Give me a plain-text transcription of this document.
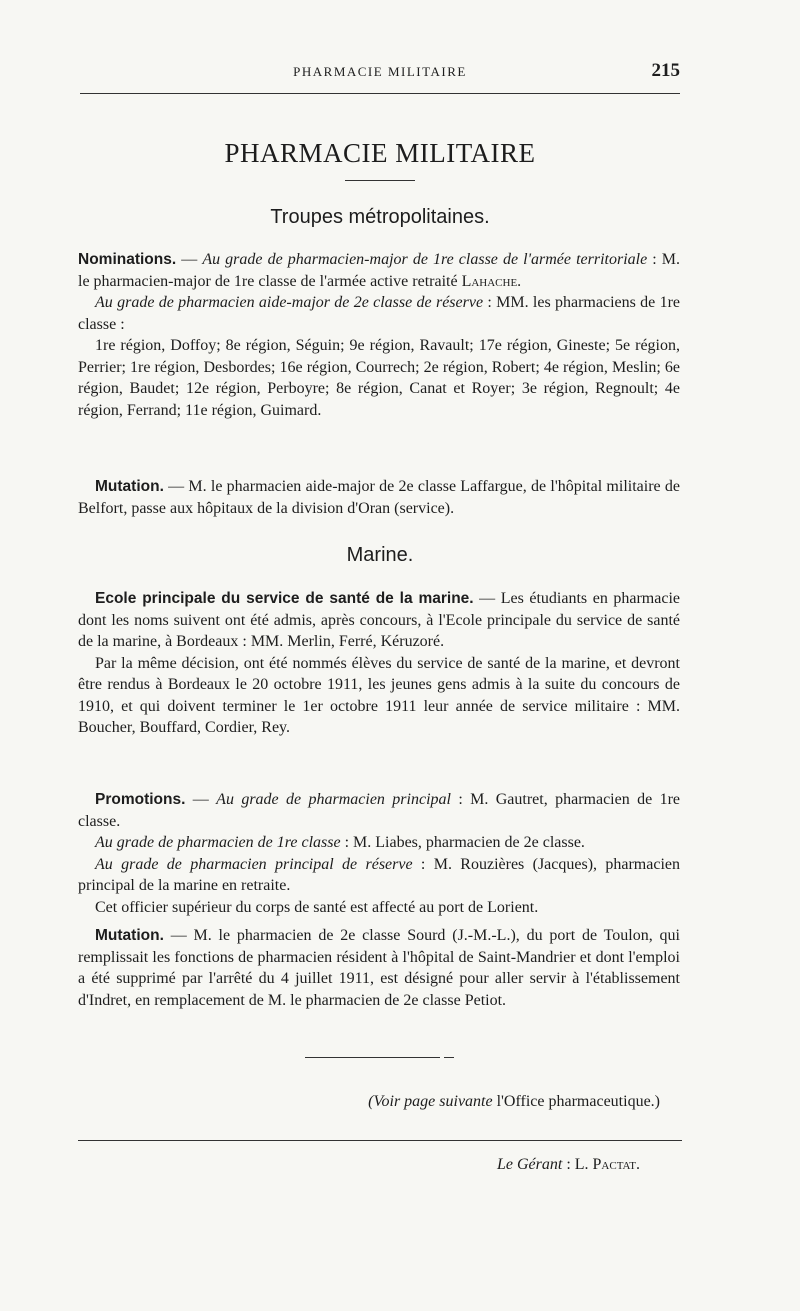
PHARMACIE MILITAIRE	215
PHARMACIE MILITAIRE
Troupes métropolitaines.

Nominations. — Au grade de pharmacien-major de 1re classe de l'armée territoriale : M. le pharmacien-major de 1re classe de l'armée active retraité Lahache.

Au grade de pharmacien aide-major de 2e classe de réserve : MM. les pharmaciens de 1re classe :

1re région, Doffoy; 8e région, Séguin; 9e région, Ravault; 17e région, Gineste; 5e région, Perrier; 1re région, Desbordes; 16e région, Courrech; 2e région, Robert; 4e région, Meslin; 6e région, Baudet; 12e région, Perboyre; 8e région, Canat et Royer; 3e région, Regnoult; 4e région, Ferrand; 11e région, Guimard.

Mutation. — M. le pharmacien aide-major de 2e classe Laffargue, de l'hôpital militaire de Belfort, passe aux hôpitaux de la division d'Oran (service).

Marine.

Ecole principale du service de santé de la marine. — Les étudiants en pharmacie dont les noms suivent ont été admis, après concours, à l'Ecole principale du service de santé de la marine, à Bordeaux : MM. Merlin, Ferré, Kéruzoré.

Par la même décision, ont été nommés élèves du service de santé de la marine, et devront être rendus à Bordeaux le 20 octobre 1911, les jeunes gens admis à la suite du concours de 1910, et qui doivent terminer le 1er octobre 1911 leur année de service militaire : MM. Boucher, Bouffard, Cordier, Rey.

Promotions. — Au grade de pharmacien principal : M. Gautret, pharmacien de 1re classe.

Au grade de pharmacien de 1re classe : M. Liabes, pharmacien de 2e classe.

Au grade de pharmacien principal de réserve : M. Rouzières (Jacques), pharmacien principal de la marine en retraite.

Cet officier supérieur du corps de santé est affecté au port de Lorient.

Mutation. — M. le pharmacien de 2e classe Sourd (J.-M.-L.), du port de Toulon, qui remplissait les fonctions de pharmacien résident à l'hôpital de Saint-Mandrier et dont l'emploi a été supprimé par l'arrêté du 4 juillet 1911, est désigné pour aller servir à l'établissement d'Indret, en remplacement de M. le pharmacien de 2e classe Petiot.

(Voir page suivante l'Office pharmaceutique.)
Le Gérant : L. Pactat.
